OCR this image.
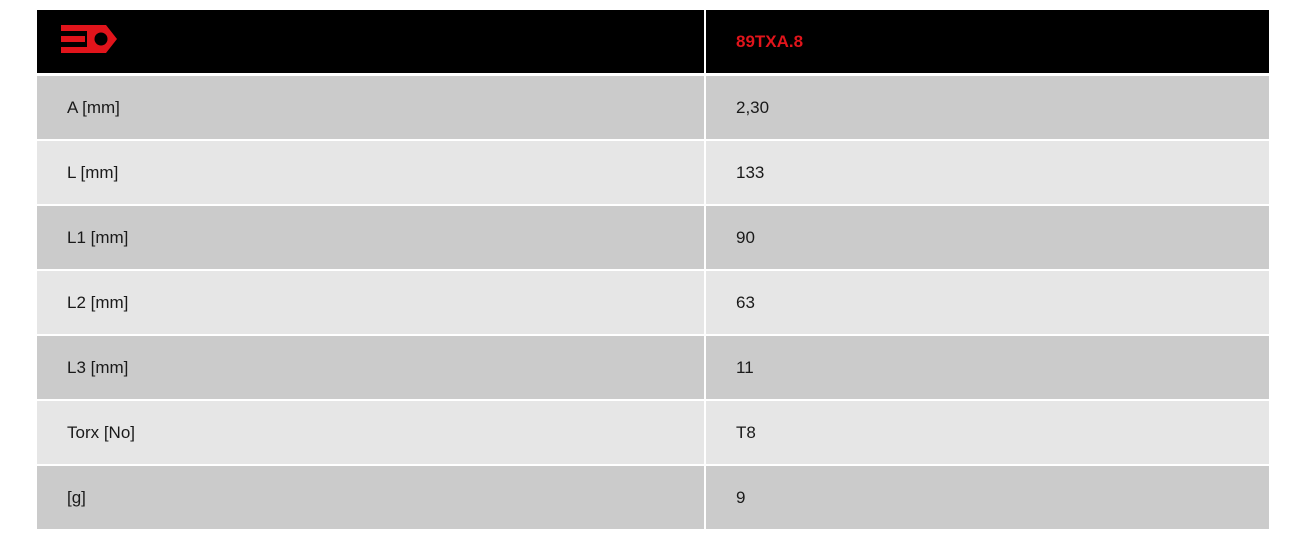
	89TXA.8
A [mm]	2,30
L [mm]	133
L1 [mm]	90
L2 [mm]	63
L3 [mm]	11
Torx [No]	T8
[g]	9
